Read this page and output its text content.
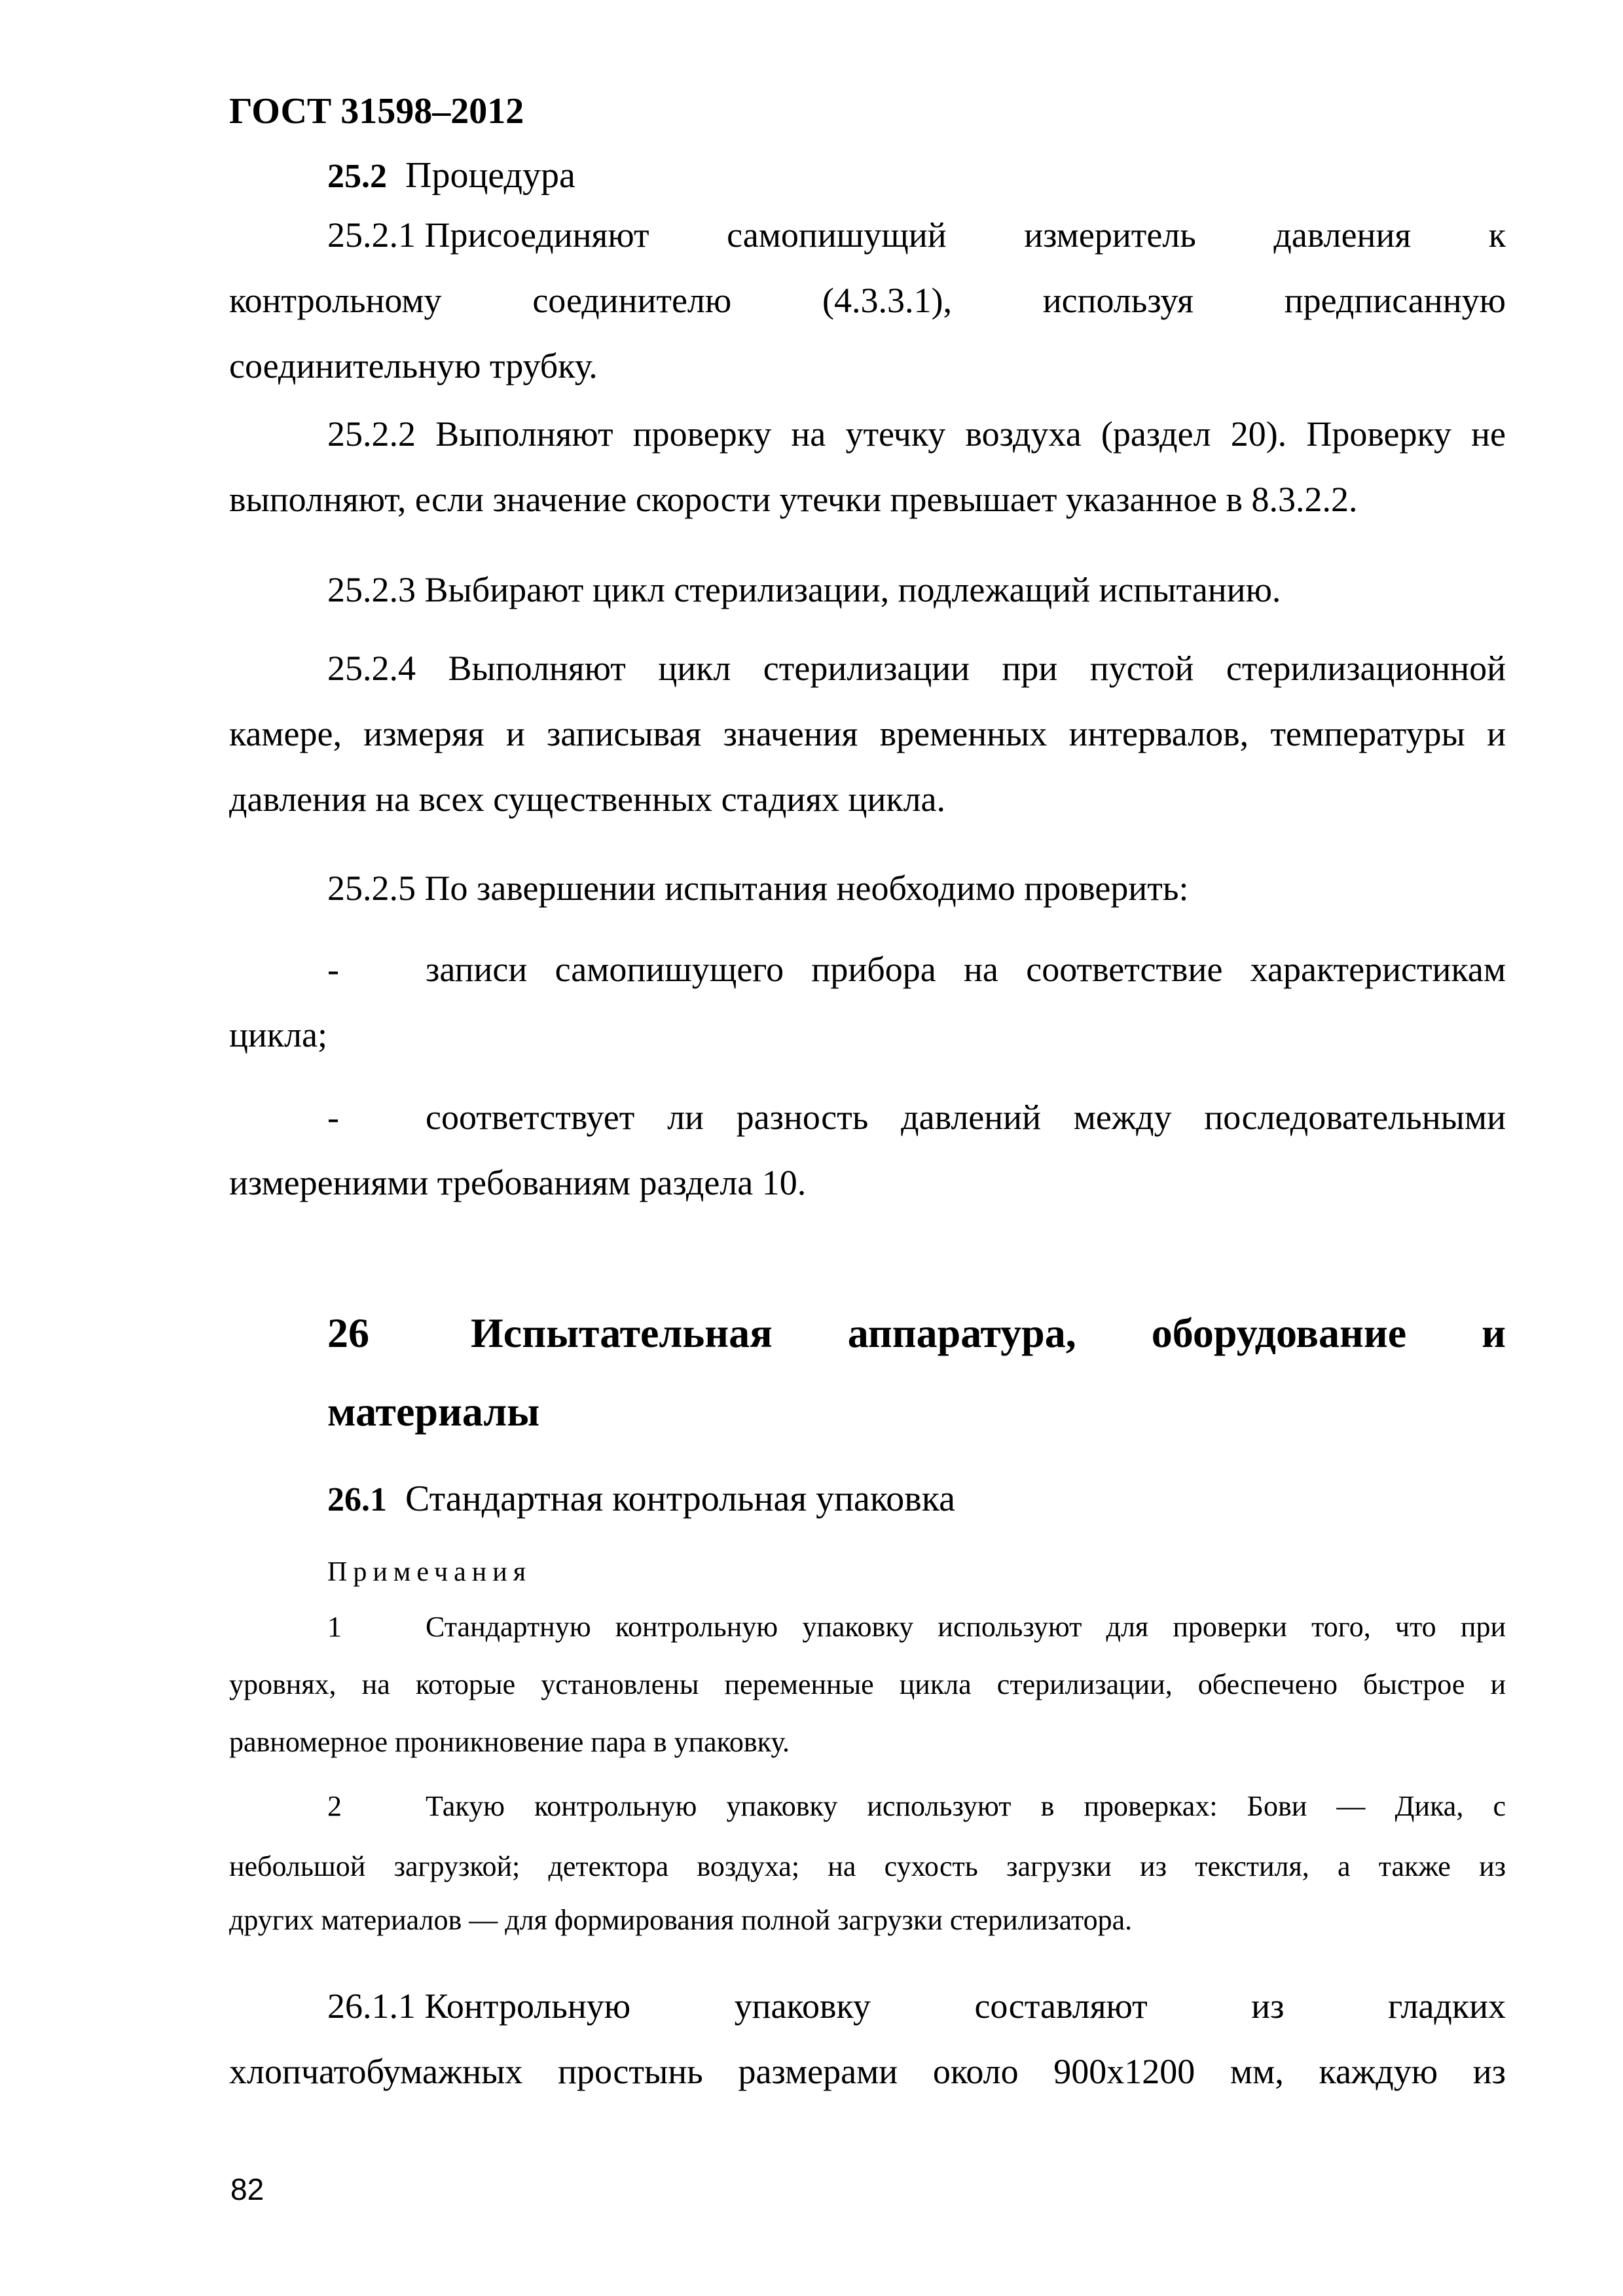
ГОСТ 31598–2012
25.2 Процедура
25.2.1 Присоединяют самопишущий измеритель давления к
контрольному	соединителю	(4.3.3.1),	используя	предписанную
соединительную трубку.
25.2.2 Выполняют проверку на утечку воздуха (раздел 20). Проверку не
выполняют, если значение скорости утечки превышает указанное в 8.3.2.2.
25.2.3 Выбирают цикл стерилизации, подлежащий испытанию.
25.2.4 Выполняют цикл стерилизации при пустой стерилизационной
камере, измеряя и записывая значения временных интервалов, температуры и
давления на всех существенных стадиях цикла.
25.2.5 По завершении испытания необходимо проверить:
- записи самопишущего прибора на соответствие характеристикам
цикла;
- соответствует ли разность давлений между последовательными
измерениями требованиям раздела 10.
26 Испытательная аппаратура, оборудование и
материалы
26.1 Стандартная контрольная упаковка
Примечания
1	Стандартную контрольную упаковку используют для проверки того, что при
уровнях, на которые установлены переменные цикла стерилизации, обеспечено быстрое и
равномерное проникновение пара в упаковку.
2	Такую контрольную упаковку используют в проверках: Бови — Дика, с
небольшой загрузкой; детектора воздуха; на сухость загрузки из текстиля, а также из
других материалов — для формирования полной загрузки стерилизатора.
26.1.1 Контрольную	упаковку	составляют	из	гладких
хлопчатобумажных простынь размерами около 900х1200 мм, каждую из
82
